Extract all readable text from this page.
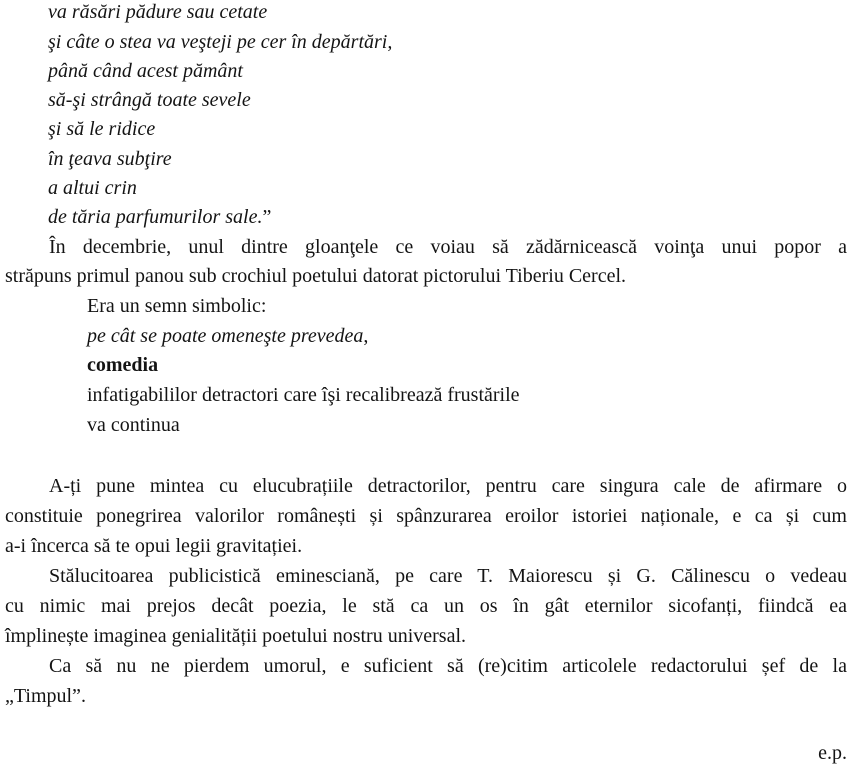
va răsări pădure sau cetate
şi câte o stea va veşteji pe cer în depărtări,
până când acest pământ
să-şi strângă toate sevele
şi să le ridice
în ţeava subţire
a altui crin
de tăria parfumurilor sale.”
În decembrie, unul dintre gloanţele ce voiau să zădărnicească voinţa unui popor a
străpuns primul panou sub crochiul poetului datorat pictorului Tiberiu Cercel.
Era un semn simbolic:
pe cât se poate omeneşte prevedea,
comedia
infatigabililor detractori care îşi recalibrează frustările
va continua
A-ți pune mintea cu elucubrațiile detractorilor, pentru care singura cale de afirmare o
constituie ponegrirea valorilor românești și spânzurarea eroilor istoriei naționale, e ca și cum
a-i încerca să te opui legii gravitației.
Stălucitoarea publicistică eminesciană, pe care T. Maiorescu și G. Călinescu o vedeau
cu nimic mai prejos decât poezia, le stă ca un os în gât eternilor sicofanți, fiindcă ea
împlinește imaginea genialității poetului nostru universal.
Ca să nu ne pierdem umorul, e suficient să (re)citim articolele redactorului șef de la
„Timpul”.
e.p.
